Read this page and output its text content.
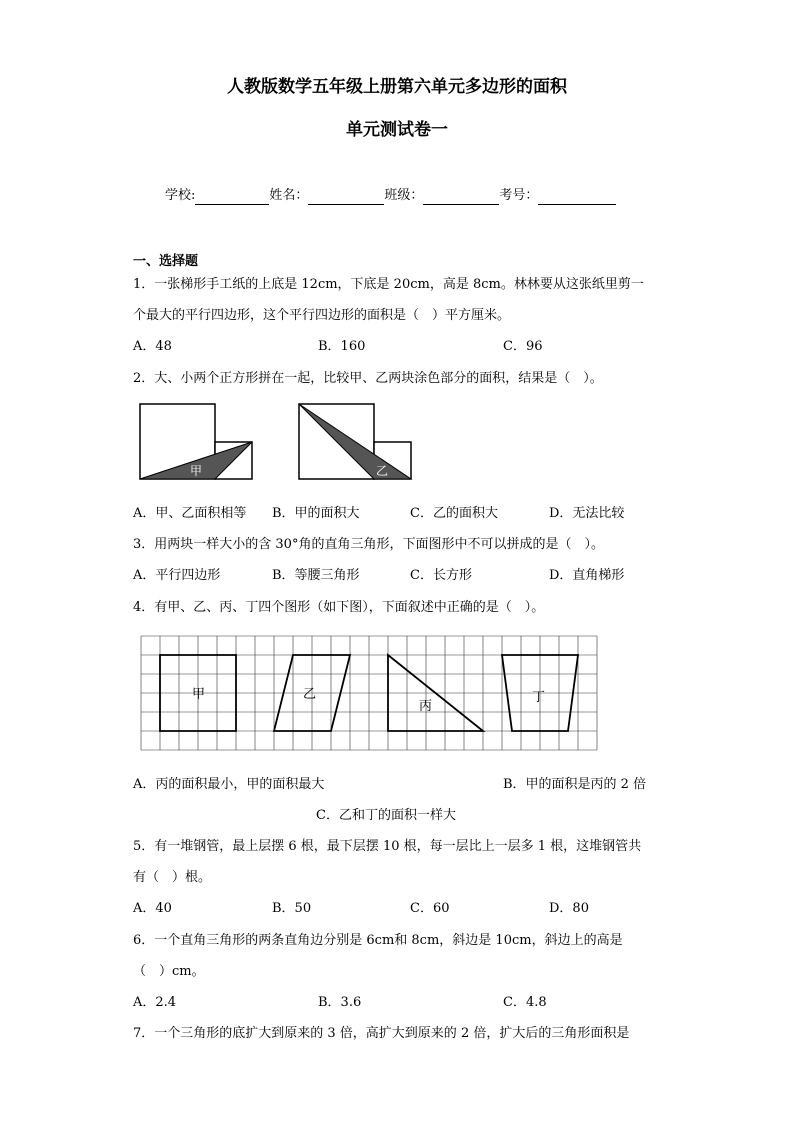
人教版数学五年级上册第六单元多边形的面积
单元测试卷一
学校:	姓名：	班级：	考号：
一、选择题
1．一张梯形手工纸的上底是 12cm，下底是 20cm，高是 8cm。林林要从这张纸里剪一
个最大的平行四边形，这个平行四边形的面积是（　）平方厘米。
A．48	B．160	C．96
2．大、小两个正方形拼在一起，比较甲、乙两块涂色部分的面积，结果是（　）。
甲	乙
A．甲、乙面积相等 B．甲的面积大	C．乙的面积大	D．无法比较
3．用两块一样大小的含 30°角的直角三角形，下面图形中不可以拼成的是（　）。
A．平行四边形	B．等腰三角形	C．长方形	D．直角梯形
4．有甲、乙、丙、丁四个图形（如下图），下面叙述中正确的是（　）。
甲	乙
丙
丁
A．丙的面积最小，甲的面积最大	B．甲的面积是丙的 2 倍
C．乙和丁的面积一样大
5．有一堆钢管，最上层摆 6 根，最下层摆 10 根，每一层比上一层多 1 根，这堆钢管共
有（　）根。
A．40	B．50	C．60	D．80
6．一个直角三角形的两条直角边分别是 6cm和 8cm，斜边是 10cm，斜边上的高是
（　）cm。
A．2.4	B．3.6	C．4.8
7．一个三角形的底扩大到原来的 3 倍，高扩大到原来的 2 倍，扩大后的三角形面积是
